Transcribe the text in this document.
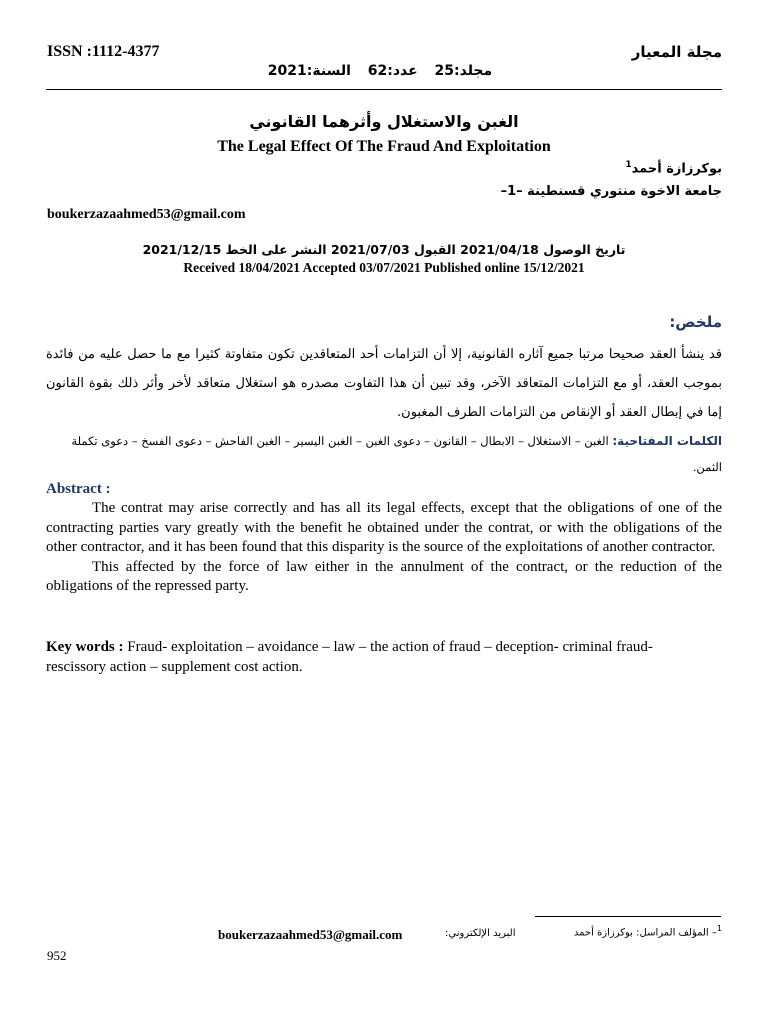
ISSN :1112-4377	مجلة المعيار
مجلد:25 عدد:62 السنة:2021
الغبن والاستغلال وأثرهما القانوني
The Legal Effect Of The Fraud And Exploitation
بوكرزازة أحمد$^1$
جامعة الاخوة منتوري قسنطينة –1–
boukerzazaahmed53@gmail.com
تاريخ الوصول 2021/04/18 القبول 2021/07/03 النشر على الخط 2021/12/15
Received 18/04/2021 Accepted 03/07/2021 Published online 15/12/2021
ملخص:
قد ينشأ العقد صحيحا مرتبا جميع آثاره القانونية، إلا أن التزامات أحد المتعاقدين تكون متفاوتة كثيرا مع ما حصل عليه من فائدة بموجب العقد، أو مع التزامات المتعاقد الآخر، وقد تبين أن هذا التفاوت مصدره هو استغلال متعاقد لأخر وأثر ذلك بقوة القانون إما في إبطال العقد أو الإنقاص من التزامات الطرف المغبون.
الكلمات المفتاحية: الغبن – الاستغلال – الابطال – القانون – دعوى الغبن – الغبن اليسير – الغبن الفاحش – دعوى الفسخ – دعوى تكملة الثمن.
Abstract :

The contrat may arise correctly and has all its legal effects, except that the obligations of one of the contracting parties vary greatly with the benefit he obtained under the contrat, or with the obligations of the other contractor, and it has been found that this disparity is the source of the exploitations of another contractor.

This affected by the force of law either in the annulment of the contract, or the reduction of the obligations of the repressed party.

Key words : Fraud- exploitation – avoidance – law – the action of fraud – deception- criminal fraud- rescissory action – supplement cost action.
boukerzazaahmed53@gmail.com	البريد الإلكتروني:	$^1$– المؤلف المراسل: بوكرزازة أحمد
952
